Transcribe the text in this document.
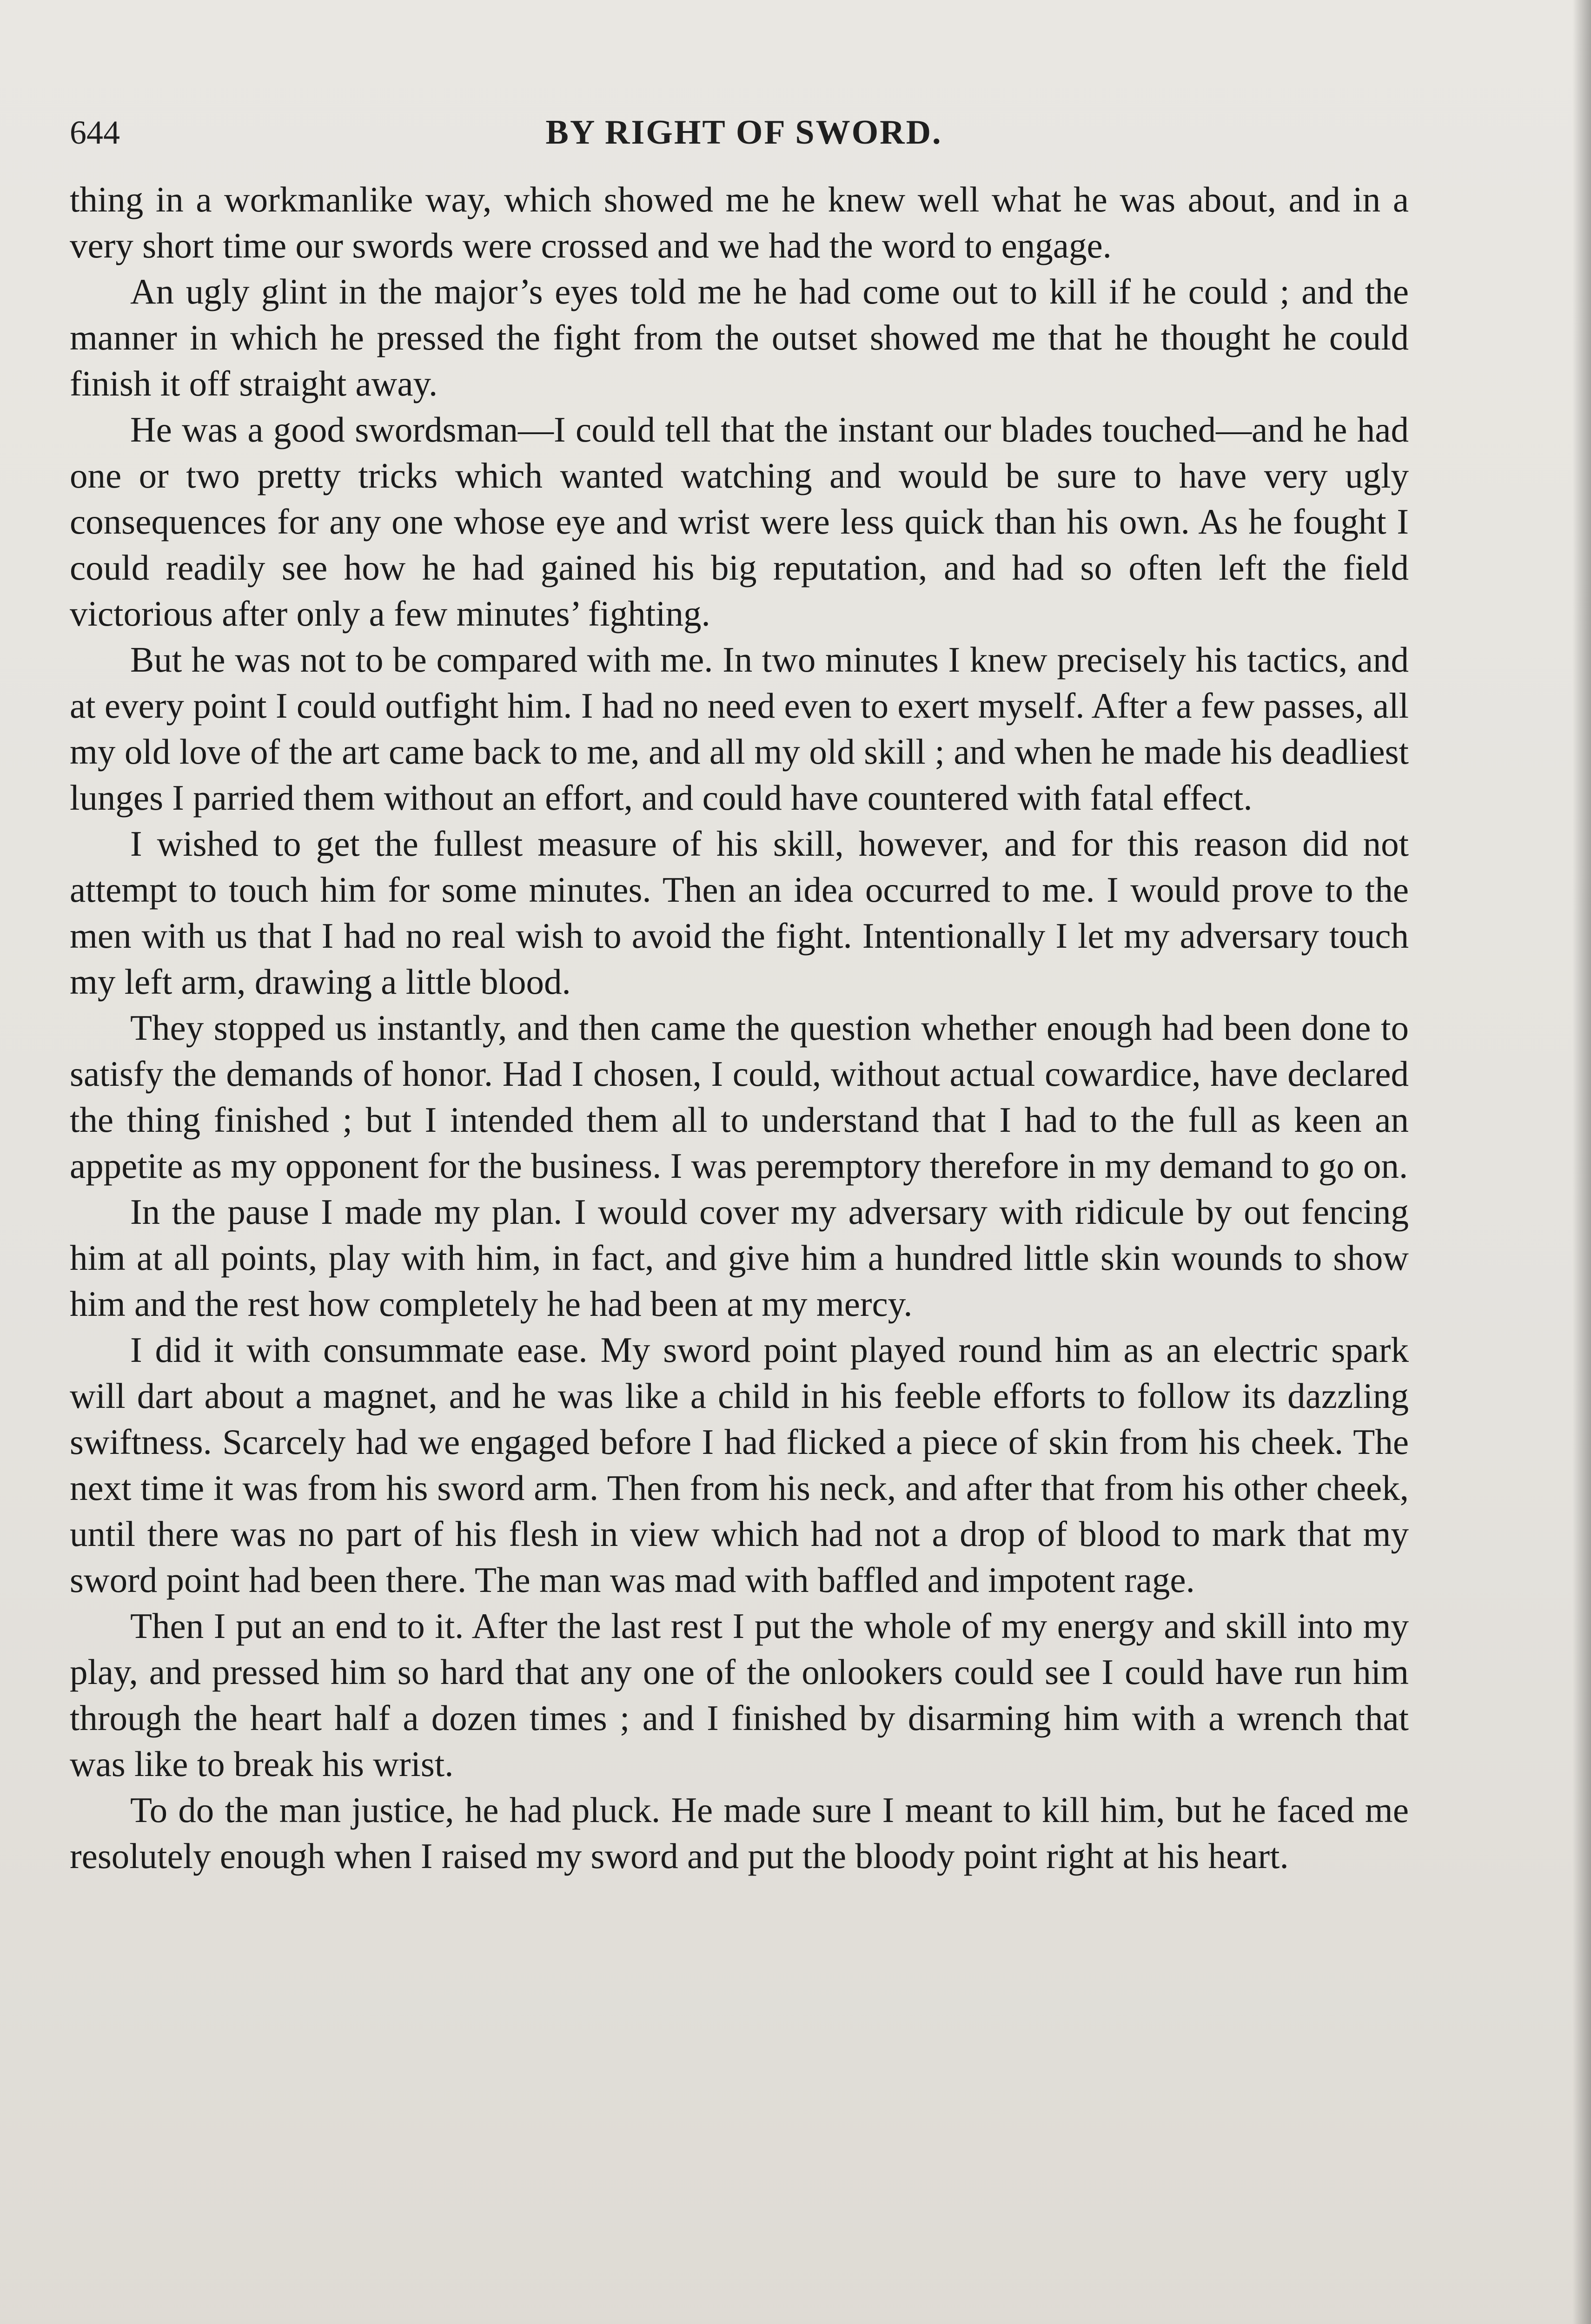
644	BY RIGHT OF SWORD.

thing in a workmanlike way, which showed me he knew well what he was about, and in a very short time our swords were crossed and we had the word to engage.

An ugly glint in the major’s eyes told me he had come out to kill if he could ; and the manner in which he pressed the fight from the outset showed me that he thought he could finish it off straight away.

He was a good swordsman—I could tell that the instant our blades touched—and he had one or two pretty tricks which wanted watching and would be sure to have very ugly consequences for any one whose eye and wrist were less quick than his own. As he fought I could readily see how he had gained his big reputation, and had so often left the field victorious after only a few minutes’ fighting.

But he was not to be compared with me. In two minutes I knew precisely his tactics, and at every point I could outfight him. I had no need even to exert myself. After a few passes, all my old love of the art came back to me, and all my old skill ; and when he made his deadliest lunges I parried them without an effort, and could have countered with fatal effect.

I wished to get the fullest measure of his skill, however, and for this reason did not attempt to touch him for some minutes. Then an idea occurred to me. I would prove to the men with us that I had no real wish to avoid the fight. Intentionally I let my adversary touch my left arm, drawing a little blood.

They stopped us instantly, and then came the question whether enough had been done to satisfy the demands of honor. Had I chosen, I could, without actual cowardice, have declared the thing finished ; but I intended them all to understand that I had to the full as keen an appetite as my opponent for the business. I was peremptory therefore in my demand to go on.

In the pause I made my plan. I would cover my adversary with ridicule by out fencing him at all points, play with him, in fact, and give him a hundred little skin wounds to show him and the rest how completely he had been at my mercy.

I did it with consummate ease. My sword point played round him as an electric spark will dart about a magnet, and he was like a child in his feeble efforts to follow its dazzling swiftness. Scarcely had we engaged before I had flicked a piece of skin from his cheek. The next time it was from his sword arm. Then from his neck, and after that from his other cheek, until there was no part of his flesh in view which had not a drop of blood to mark that my sword point had been there. The man was mad with baffled and impotent rage.

Then I put an end to it. After the last rest I put the whole of my energy and skill into my play, and pressed him so hard that any one of the onlookers could see I could have run him through the heart half a dozen times ; and I finished by disarming him with a wrench that was like to break his wrist.

To do the man justice, he had pluck. He made sure I meant to kill him, but he faced me resolutely enough when I raised my sword and put the bloody point right at his heart.
